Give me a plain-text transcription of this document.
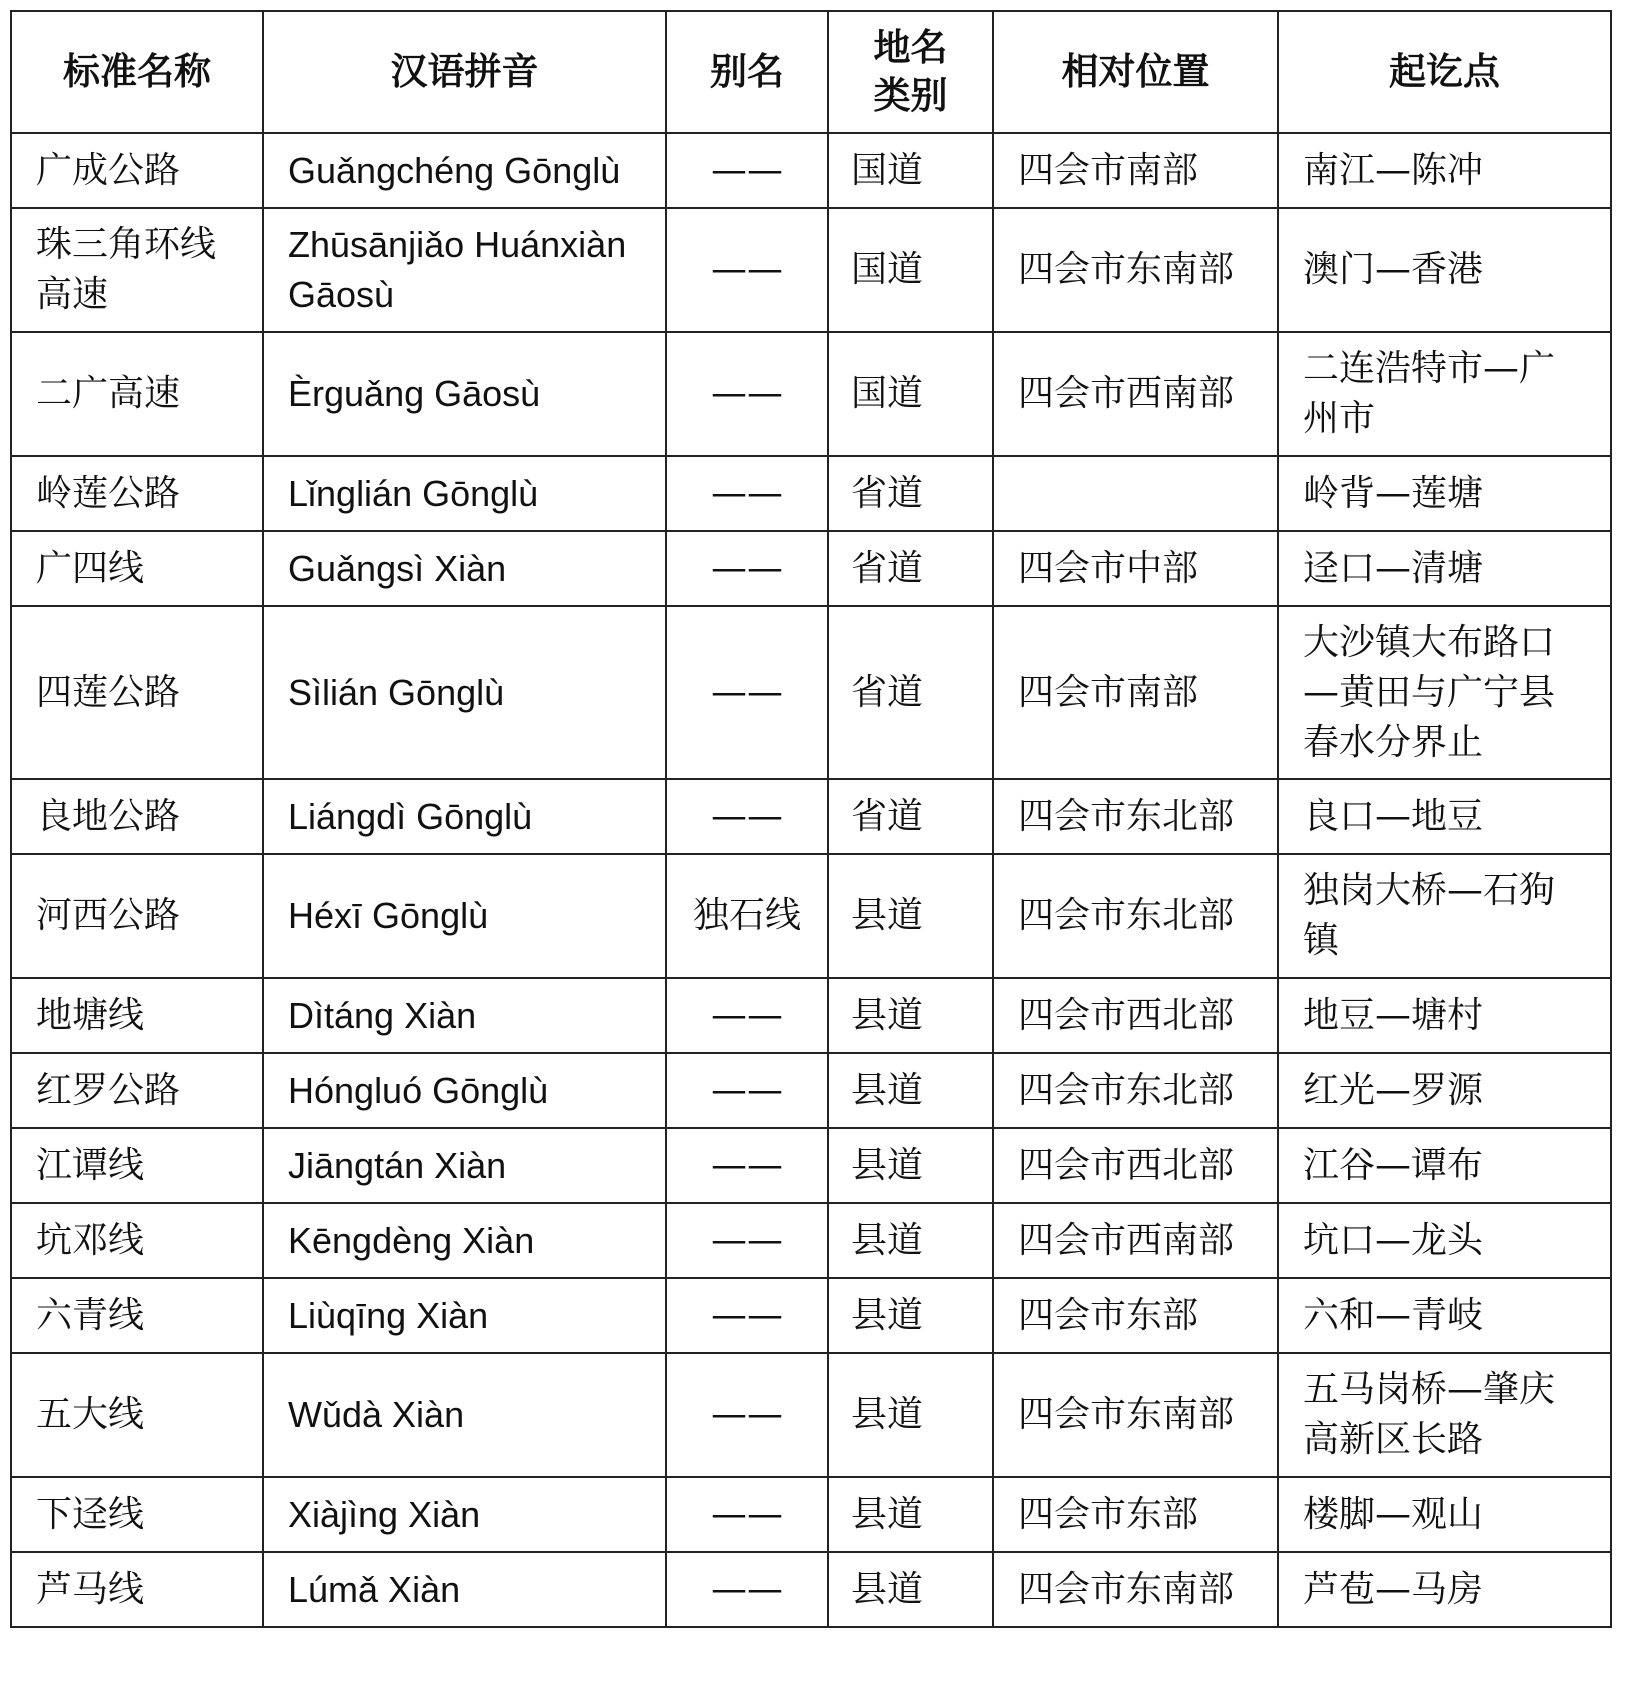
标准名称	汉语拼音	别名	地名类别	相对位置	起讫点

广成公路	Guǎngchéng Gōnglù	——	国道	四会市南部	南江—陈冲

珠三角环线高速	Zhūsānjiǎo Huánxiàn Gāosù	——	国道	四会市东南部	澳门—香港

二广高速	Èrguǎng Gāosù	——	国道	四会市西南部	二连浩特市—广州市

岭莲公路	Lǐnglián Gōnglù	——	省道		岭背—莲塘

广四线	Guǎngsì Xiàn	——	省道	四会市中部	迳口—清塘

四莲公路	Sìlián Gōnglù	——	省道	四会市南部	大沙镇大布路口—黄田与广宁县春水分界止

良地公路	Liángdì Gōnglù	——	省道	四会市东北部	良口—地豆

河西公路	Héxī Gōnglù	独石线	县道	四会市东北部	独岗大桥—石狗镇

地塘线	Dìtáng Xiàn	——	县道	四会市西北部	地豆—塘村

红罗公路	Hóngluó Gōnglù	——	县道	四会市东北部	红光—罗源

江谭线	Jiāngtán Xiàn	——	县道	四会市西北部	江谷—谭布

坑邓线	Kēngdèng Xiàn	——	县道	四会市西南部	坑口—龙头

六青线	Liùqīng Xiàn	——	县道	四会市东部	六和—青岐

五大线	Wǔdà Xiàn	——	县道	四会市东南部	五马岗桥—肇庆高新区长路

下迳线	Xiàjìng Xiàn	——	县道	四会市东部	楼脚—观山

芦马线	Lúmǎ Xiàn	——	县道	四会市东南部	芦苞—马房
